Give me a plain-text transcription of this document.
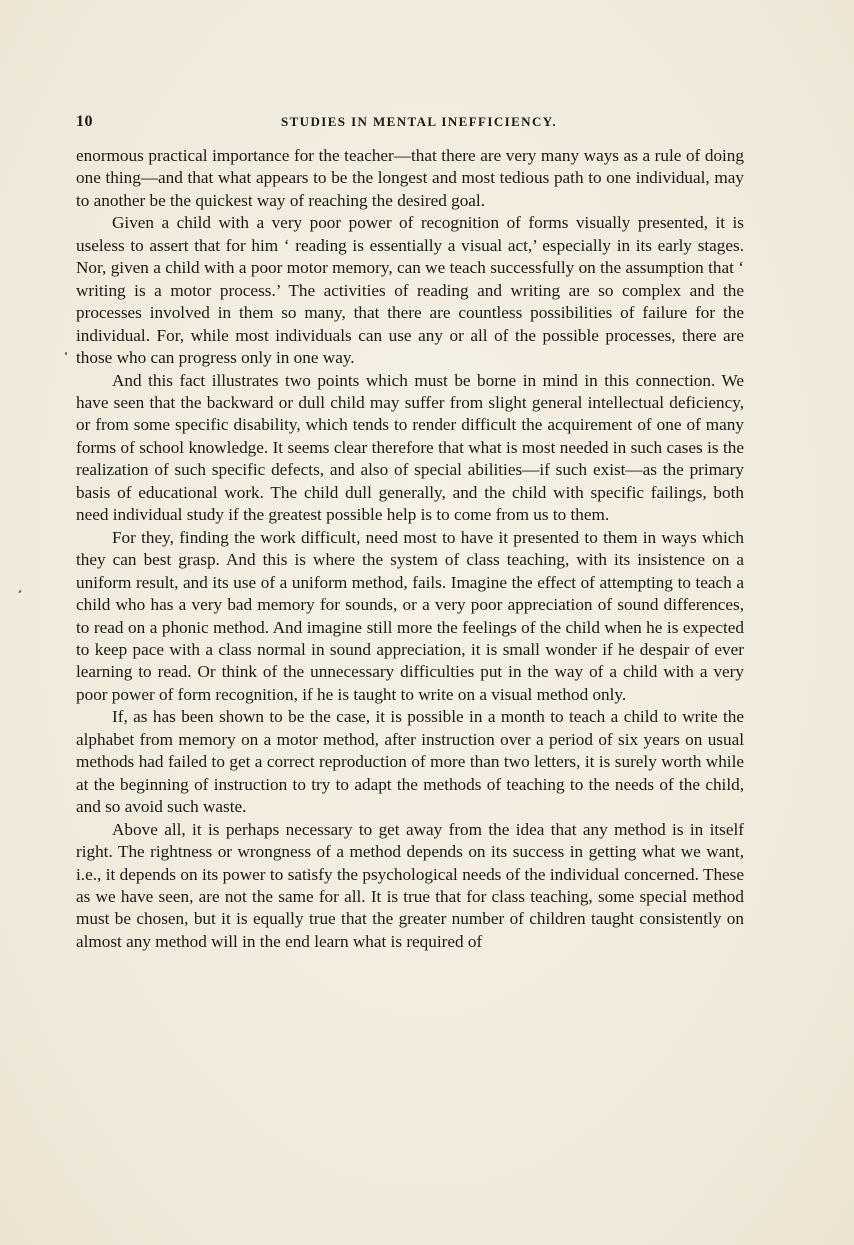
10	STUDIES IN MENTAL INEFFICIENCY.

enormous practical importance for the teacher—that there are very many ways as a rule of doing one thing—and that what appears to be the longest and most tedious path to one individual, may to another be the quickest way of reaching the desired goal.

Given a child with a very poor power of recognition of forms visually presented, it is useless to assert that for him ‘ reading is essentially a visual act,’ especially in its early stages. Nor, given a child with a poor motor memory, can we teach successfully on the assumption that ‘ writing is a motor process.’ The activities of reading and writing are so complex and the processes involved in them so many, that there are countless possibilities of failure for the individual. For, while most individuals can use any or all of the possible processes, there are those who can progress only in one way.

And this fact illustrates two points which must be borne in mind in this connection. We have seen that the backward or dull child may suffer from slight general intellectual deficiency, or from some specific disability, which tends to render difficult the acquirement of one of many forms of school knowledge. It seems clear therefore that what is most needed in such cases is the realization of such specific defects, and also of special abilities—if such exist—as the primary basis of educational work. The child dull generally, and the child with specific failings, both need individual study if the greatest possible help is to come from us to them.

For they, finding the work difficult, need most to have it presented to them in ways which they can best grasp. And this is where the system of class teaching, with its insistence on a uniform result, and its use of a uniform method, fails. Imagine the effect of attempting to teach a child who has a very bad memory for sounds, or a very poor appreciation of sound differences, to read on a phonic method. And imagine still more the feelings of the child when he is expected to keep pace with a class normal in sound appreciation, it is small wonder if he despair of ever learning to read. Or think of the unnecessary difficulties put in the way of a child with a very poor power of form recognition, if he is taught to write on a visual method only.

If, as has been shown to be the case, it is possible in a month to teach a child to write the alphabet from memory on a motor method, after instruction over a period of six years on usual methods had failed to get a correct reproduction of more than two letters, it is surely worth while at the beginning of instruction to try to adapt the methods of teaching to the needs of the child, and so avoid such waste.

Above all, it is perhaps necessary to get away from the idea that any method is in itself right. The rightness or wrongness of a method depends on its success in getting what we want, i.e., it depends on its power to satisfy the psychological needs of the individual concerned. These as we have seen, are not the same for all. It is true that for class teaching, some special method must be chosen, but it is equally true that the greater number of children taught consistently on almost any method will in the end learn what is required of
